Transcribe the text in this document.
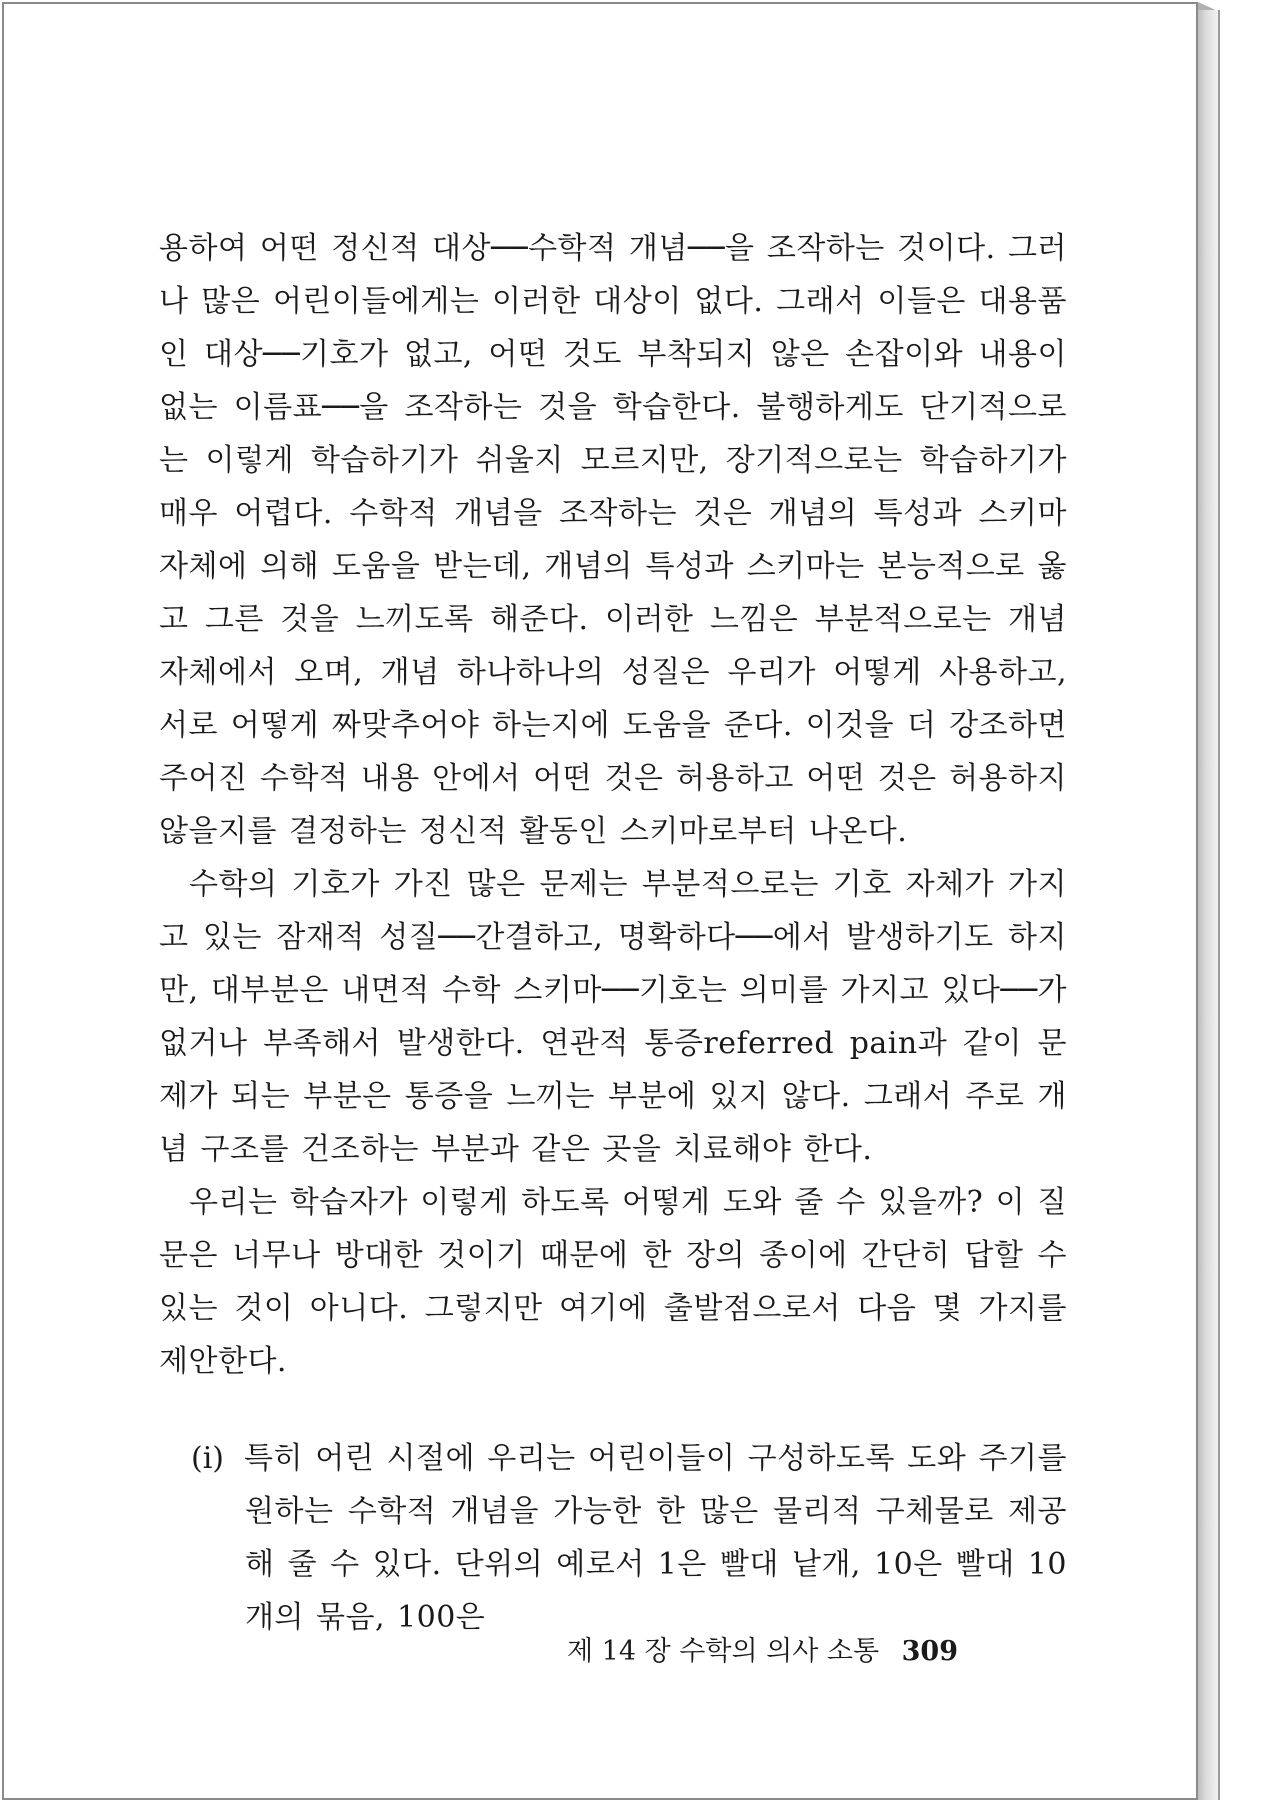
용하여 어떤 정신적 대상──수학적 개념──을 조작하는 것이다. 그러나 많은 어린이들에게는 이러한 대상이 없다. 그래서 이들은 대용품인 대상──기호가 없고, 어떤 것도 부착되지 않은 손잡이와 내용이 없는 이름표──을 조작하는 것을 학습한다. 불행하게도 단기적으로는 이렇게 학습하기가 쉬울지 모르지만, 장기적으로는 학습하기가 매우 어렵다. 수학적 개념을 조작하는 것은 개념의 특성과 스키마 자체에 의해 도움을 받는데, 개념의 특성과 스키마는 본능적으로 옳고 그른 것을 느끼도록 해준다. 이러한 느낌은 부분적으로는 개념 자체에서 오며, 개념 하나하나의 성질은 우리가 어떻게 사용하고, 서로 어떻게 짜맞추어야 하는지에 도움을 준다. 이것을 더 강조하면 주어진 수학적 내용 안에서 어떤 것은 허용하고 어떤 것은 허용하지 않을지를 결정하는 정신적 활동인 스키마로부터 나온다.

수학의 기호가 가진 많은 문제는 부분적으로는 기호 자체가 가지고 있는 잠재적 성질──간결하고, 명확하다──에서 발생하기도 하지만, 대부분은 내면적 수학 스키마──기호는 의미를 가지고 있다──가 없거나 부족해서 발생한다. 연관적 통증referred pain과 같이 문제가 되는 부분은 통증을 느끼는 부분에 있지 않다. 그래서 주로 개념 구조를 건조하는 부분과 같은 곳을 치료해야 한다.

우리는 학습자가 이렇게 하도록 어떻게 도와 줄 수 있을까? 이 질문은 너무나 방대한 것이기 때문에 한 장의 종이에 간단히 답할 수 있는 것이 아니다. 그렇지만 여기에 출발점으로서 다음 몇 가지를 제안한다.

(ⅰ) 특히 어린 시절에 우리는 어린이들이 구성하도록 도와 주기를 원하는 수학적 개념을 가능한 한 많은 물리적 구체물로 제공해 줄 수 있다. 단위의 예로서 1은 빨대 낱개, 10은 빨대 10개의 묶음, 100은

제 14 장 수학의 의사 소통 309
